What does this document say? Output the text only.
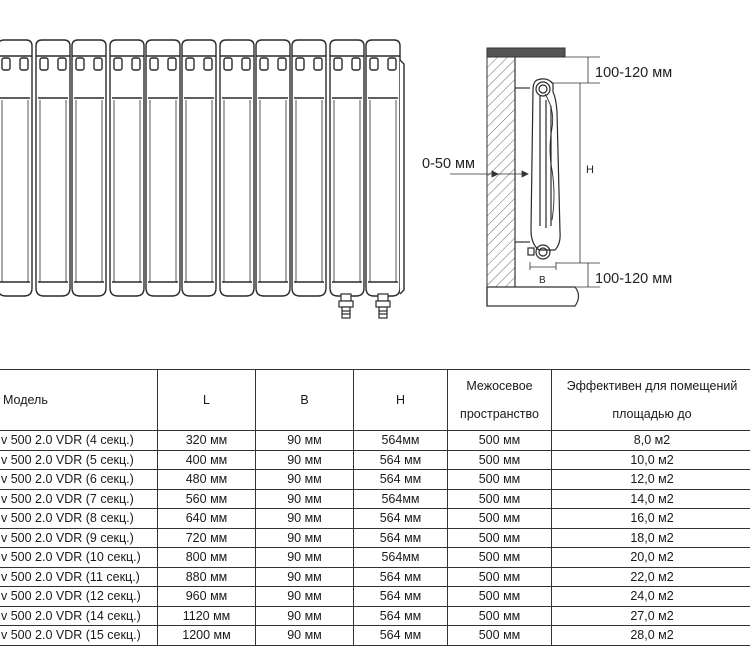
100-120 мм
0-50 мм	H
B	100-120 мм
Модель	L	B	H	Межосевое
пространство	Эффективен для помещений
площадью до

v 500 2.0 VDR (4 секц.)	320 мм	90 мм	564мм	500 мм	8,0 м2
v 500 2.0 VDR (5 секц.)	400 мм	90 мм	564 мм	500 мм	10,0 м2
v 500 2.0 VDR (6 секц.)	480 мм	90 мм	564 мм	500 мм	12,0 м2
v 500 2.0 VDR (7 секц.)	560 мм	90 мм	564мм	500 мм	14,0 м2
v 500 2.0 VDR (8 секц.)	640 мм	90 мм	564 мм	500 мм	16,0 м2
v 500 2.0 VDR (9 секц.)	720 мм	90 мм	564 мм	500 мм	18,0 м2
v 500 2.0 VDR (10 секц.)	800 мм	90 мм	564мм	500 мм	20,0 м2
v 500 2.0 VDR (11 секц.)	880 мм	90 мм	564 мм	500 мм	22,0 м2
v 500 2.0 VDR (12 секц.)	960 мм	90 мм	564 мм	500 мм	24,0 м2
v 500 2.0 VDR (14 секц.)	1120 мм	90 мм	564 мм	500 мм	27,0 м2
v 500 2.0 VDR (15 секц.)	1200 мм	90 мм	564 мм	500 мм	28,0 м2
